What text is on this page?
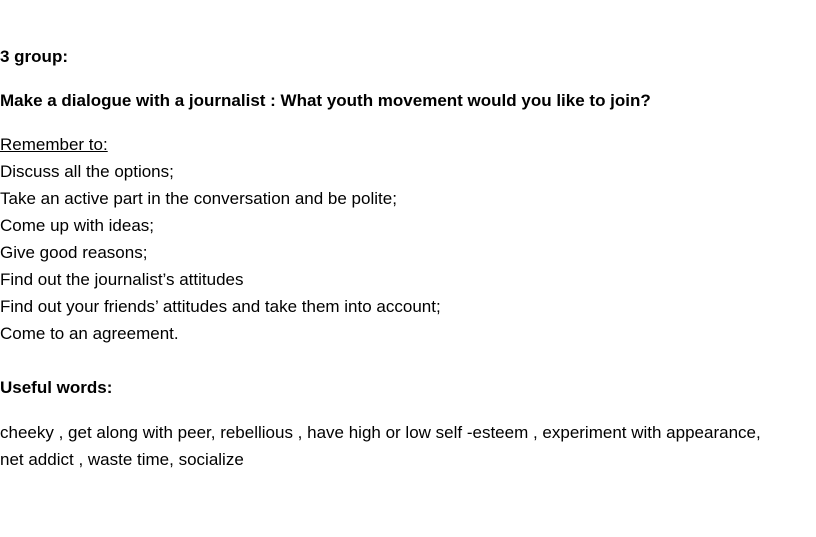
3 group:
Make a dialogue with a journalist : What youth movement would you like to join?
Remember to:
Discuss all the options;
Take an active part in the conversation and be polite;
Come up with ideas;
Give good reasons;
Find out the journalist’s attitudes
Find out your friends’ attitudes and take them into account;
Come to an agreement.
Useful words:
cheeky , get along with peer, rebellious , have high or low self -esteem , experiment with appearance,
net addict , waste time, socialize
